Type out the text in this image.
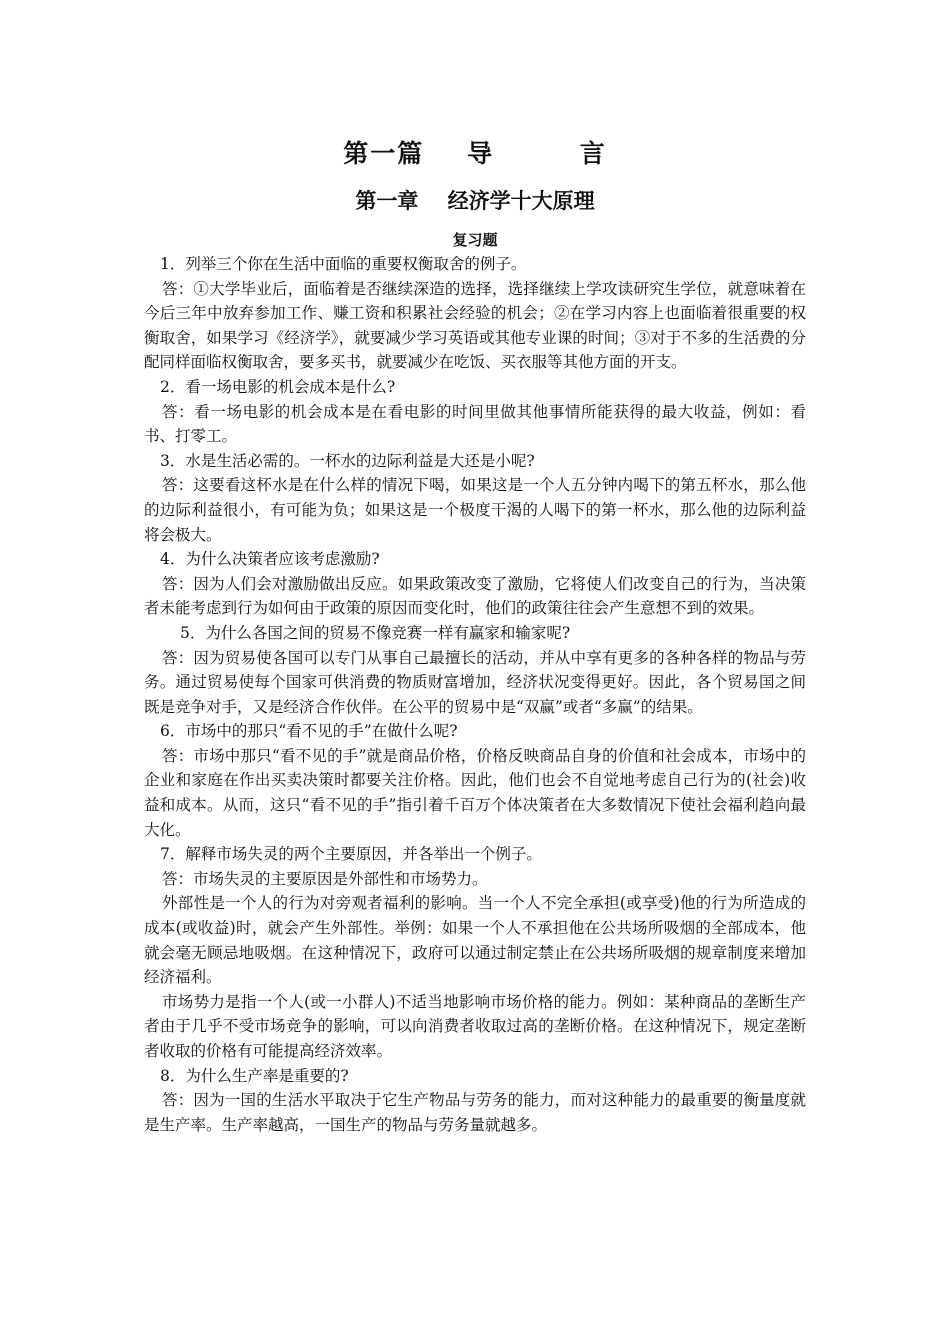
第一篇    导        言
第一章    经济学十大原理
复习题

1．列举三个你在生活中面临的重要权衡取舍的例子。

答：①大学毕业后，面临着是否继续深造的选择，选择继续上学攻读研究生学位，就意味着在今后三年中放弃参加工作、赚工资和积累社会经验的机会；②在学习内容上也面临着很重要的权衡取舍，如果学习《经济学》，就要减少学习英语或其他专业课的时间；③对于不多的生活费的分配同样面临权衡取舍，要多买书，就要减少在吃饭、买衣服等其他方面的开支。

2．看一场电影的机会成本是什么?

答：看一场电影的机会成本是在看电影的时间里做其他事情所能获得的最大收益，例如：看书、打零工。

3．水是生活必需的。一杯水的边际利益是大还是小呢?

答：这要看这杯水是在什么样的情况下喝，如果这是一个人五分钟内喝下的第五杯水，那么他的边际利益很小，有可能为负；如果这是一个极度干渴的人喝下的第一杯水，那么他的边际利益将会极大。

4．为什么决策者应该考虑激励?

答：因为人们会对激励做出反应。如果政策改变了激励，它将使人们改变自己的行为，当决策者未能考虑到行为如何由于政策的原因而变化时，他们的政策往往会产生意想不到的效果。

5．为什么各国之间的贸易不像竞赛一样有赢家和输家呢?

答：因为贸易使各国可以专门从事自己最擅长的活动，并从中享有更多的各种各样的物品与劳务。通过贸易使每个国家可供消费的物质财富增加，经济状况变得更好。因此，各个贸易国之间既是竞争对手，又是经济合作伙伴。在公平的贸易中是“双赢”或者“多赢”的结果。

6．市场中的那只“看不见的手”在做什么呢?

答：市场中那只“看不见的手”就是商品价格，价格反映商品自身的价值和社会成本，市场中的企业和家庭在作出买卖决策时都要关注价格。因此，他们也会不自觉地考虑自己行为的(社会)收益和成本。从而，这只“看不见的手”指引着千百万个体决策者在大多数情况下使社会福利趋向最大化。

7．解释市场失灵的两个主要原因，并各举出一个例子。

答：市场失灵的主要原因是外部性和市场势力。

外部性是一个人的行为对旁观者福利的影响。当一个人不完全承担(或享受)他的行为所造成的成本(或收益)时，就会产生外部性。举例：如果一个人不承担他在公共场所吸烟的全部成本，他就会毫无顾忌地吸烟。在这种情况下，政府可以通过制定禁止在公共场所吸烟的规章制度来增加经济福利。

市场势力是指一个人(或一小群人)不适当地影响市场价格的能力。例如：某种商品的垄断生产者由于几乎不受市场竞争的影响，可以向消费者收取过高的垄断价格。在这种情况下，规定垄断者收取的价格有可能提高经济效率。

8．为什么生产率是重要的?

答：因为一国的生活水平取决于它生产物品与劳务的能力，而对这种能力的最重要的衡量度就是生产率。生产率越高，一国生产的物品与劳务量就越多。
